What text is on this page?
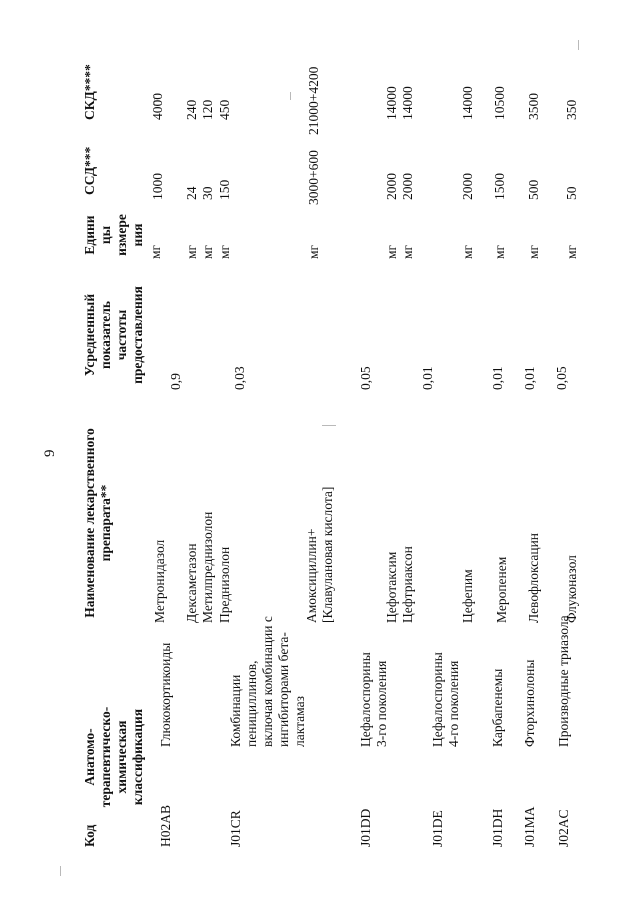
9
Код
Анатомо- терапевтическо- химическая классификация
Наименование лекарственного препарата**
Усредненный показатель частоты предоставления
Едини цы измере ния
ССД***
СКД****
H02AB
Глюкокортикоиды
Метронидазол
0,9
мг
1000
4000
Дексаметазон
мг
24
240
Метилпреднизолон
мг
30
120
Преднизолон
мг
150
450
J01CR
Комбинации пенициллинов, включая комбинации с ингибиторами бета- лактамаз
0,03
Амоксициллин+ [Клавулановая кислота]
мг
3000+600
21000+4200
J01DD
Цефалоспорины 3-го поколения
0,05
Цефотаксим
мг
2000
14000
Цефтриаксон
мг
2000
14000
J01DE
Цефалоспорины 4-го поколения
0,01
Цефепим
мг
2000
14000
J01DH
Карбапенемы
0,01
Меропенем
мг
1500
10500
J01MA
Фторхинолоны
0,01
Левофлоксацин
мг
500
3500
J02AC
Производные триазола
0,05
Флуконазол
мг
50
350
